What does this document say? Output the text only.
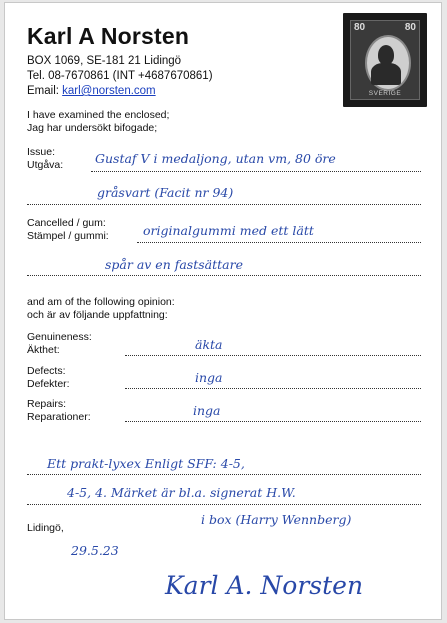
Karl A Norsten
BOX 1069, SE-181 21 Lidingö
Tel. 08-7670861 (INT +4687670861)
Email: karl@norsten.com
80	80
SVERIGE
I have examined the enclosed;
Jag har undersökt bifogade;
Issue:
Utgåva:	Gustaf V i medaljong, utan vm, 80 öre
gråsvart (Facit nr 94)
Cancelled / gum:
Stämpel / gummi:	originalgummi med ett lätt
spår av en fastsättare
and am of the following opinion:
och är av följande uppfattning:
Genuineness:
Äkthet:	äkta
Defects:
Defekter:	inga
Repairs:
Reparationer:	inga
Ett prakt-lyxex Enligt SFF: 4-5,
4-5, 4. Märket är bl.a. signerat H.W.
i box (Harry Wennberg)
Lidingö,
29.5.23
Karl A. Norsten
